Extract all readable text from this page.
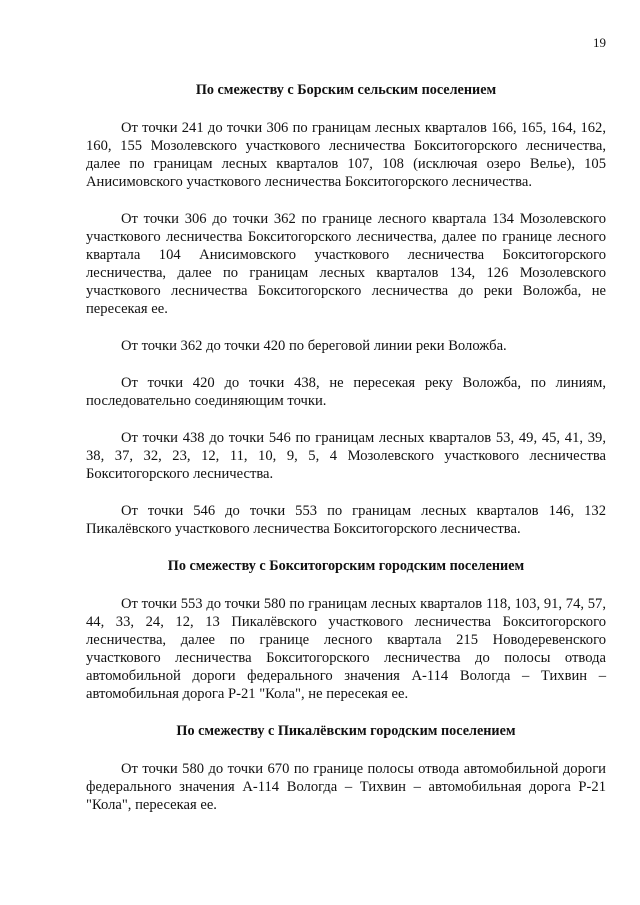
19
По смежеству с Борским сельским поселением

От точки 241 до точки 306 по границам лесных кварталов 166, 165, 164, 162, 160, 155 Мозолевского участкового лесничества Бокситогорского лесничества, далее по границам лесных кварталов 107, 108 (исключая озеро Велье), 105 Анисимовского участкового лесничества Бокситогорского лесничества.

От точки 306 до точки 362 по границе лесного квартала 134 Мозолевского участкового лесничества Бокситогорского лесничества, далее по границе лесного квартала 104 Анисимовского участкового лесничества Бокситогорского лесничества, далее по границам лесных кварталов 134, 126 Мозолевского участкового лесничества Бокситогорского лесничества до реки Воложба, не пересекая ее.

От точки 362 до точки 420 по береговой линии реки Воложба.

От точки 420 до точки 438, не пересекая реку Воложба, по линиям, последовательно соединяющим точки.

От точки 438 до точки 546 по границам лесных кварталов 53, 49, 45, 41, 39, 38, 37, 32, 23, 12, 11, 10, 9, 5, 4 Мозолевского участкового лесничества Бокситогорского лесничества.

От точки 546 до точки 553 по границам лесных кварталов 146, 132 Пикалёвского участкового лесничества Бокситогорского лесничества.

По смежеству с Бокситогорским городским поселением

От точки 553 до точки 580 по границам лесных кварталов 118, 103, 91, 74, 57, 44, 33, 24, 12, 13 Пикалёвского участкового лесничества Бокситогорского лесничества, далее по границе лесного квартала 215 Новодеревенского участкового лесничества Бокситогорского лесничества до полосы отвода автомобильной дороги федерального значения А-114 Вологда – Тихвин – автомобильная дорога Р-21 "Кола", не пересекая ее.

По смежеству с Пикалёвским городским поселением

От точки 580 до точки 670 по границе полосы отвода автомобильной дороги федерального значения А-114 Вологда – Тихвин – автомобильная дорога Р-21 "Кола", пересекая ее.
